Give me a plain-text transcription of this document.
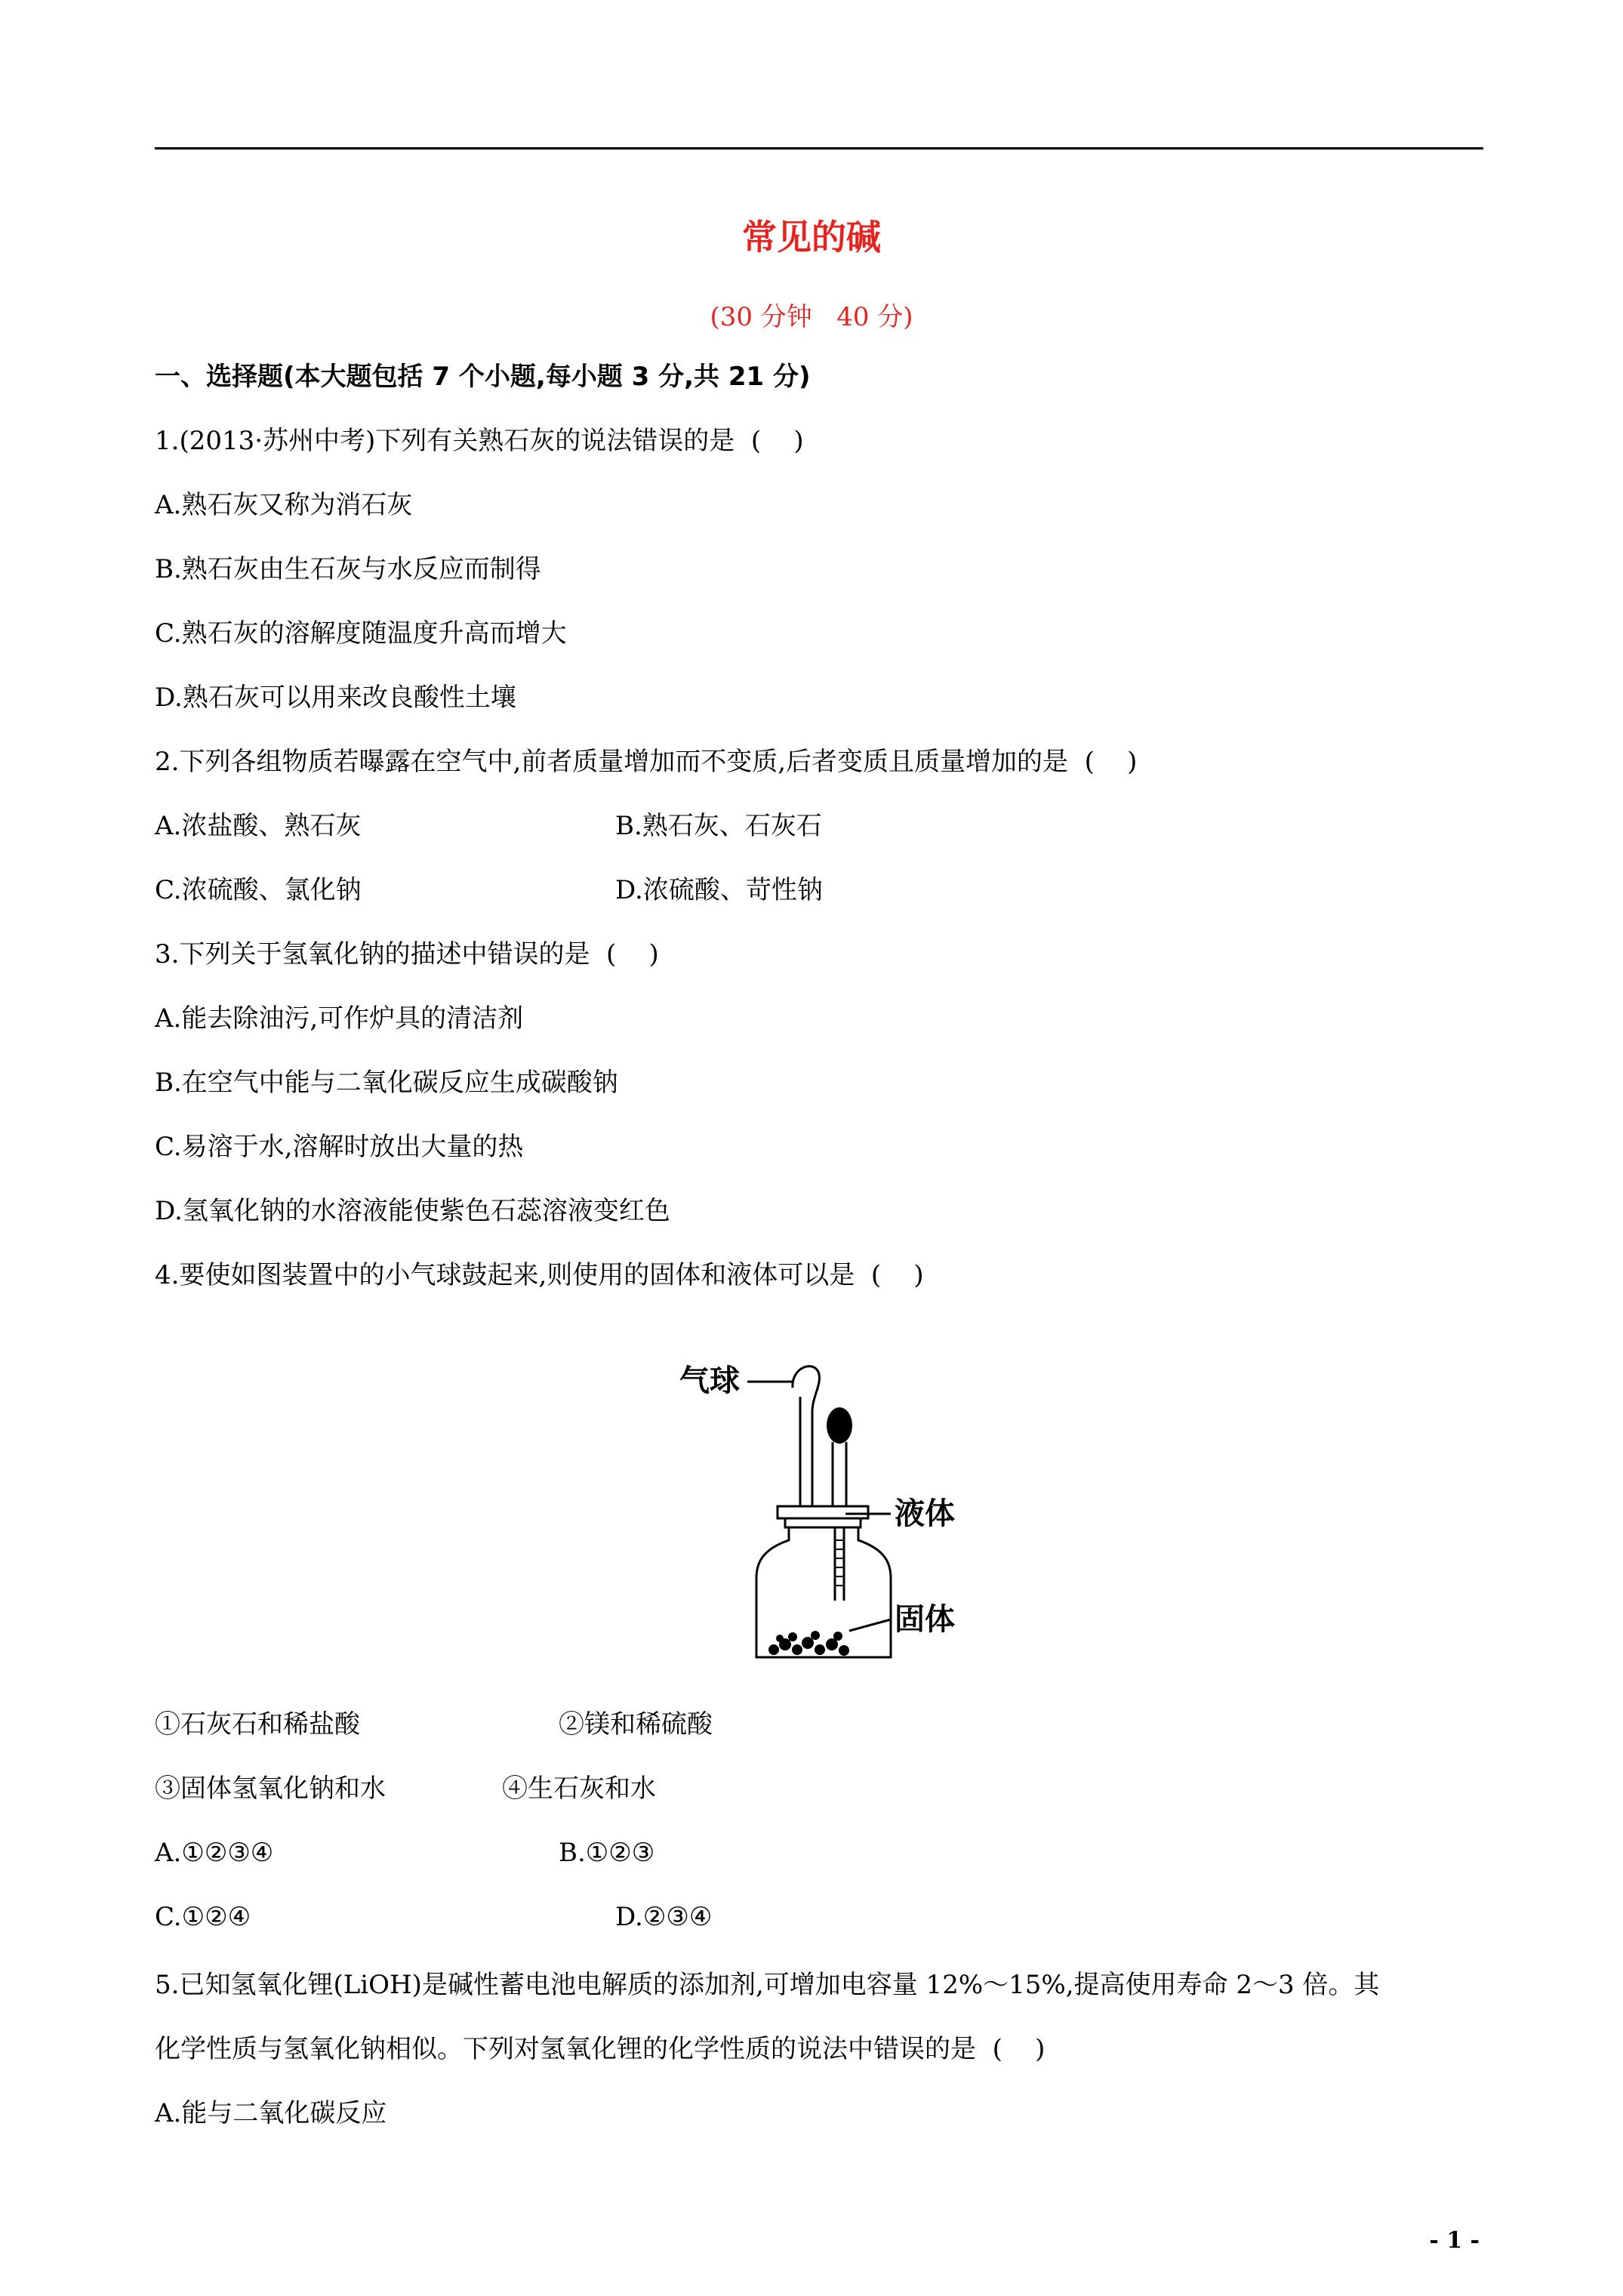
常见的碱
(30 分钟   40 分)
一、选择题(本大题包括 7 个小题,每小题 3 分,共 21 分)
1.(2013·苏州中考)下列有关熟石灰的说法错误的是  (    )
A.熟石灰又称为消石灰
B.熟石灰由生石灰与水反应而制得
C.熟石灰的溶解度随温度升高而增大
D.熟石灰可以用来改良酸性土壤
2.下列各组物质若曝露在空气中,前者质量增加而不变质,后者变质且质量增加的是  (    )
A.浓盐酸、熟石灰	B.熟石灰、石灰石
C.浓硫酸、氯化钠	D.浓硫酸、苛性钠
3.下列关于氢氧化钠的描述中错误的是  (    )
A.能去除油污,可作炉具的清洁剂
B.在空气中能与二氧化碳反应生成碳酸钠
C.易溶于水,溶解时放出大量的热
D.氢氧化钠的水溶液能使紫色石蕊溶液变红色
4.要使如图装置中的小气球鼓起来,则使用的固体和液体可以是  (    )
气球
液体
固体
①石灰石和稀盐酸	②镁和稀硫酸
③固体氢氧化钠和水	④生石灰和水
A.①②③④	B.①②③
C.①②④	D.②③④
5.已知氢氧化锂(LiOH)是碱性蓄电池电解质的添加剂,可增加电容量 12%～15%,提高使用寿命 2～3 倍。其
化学性质与氢氧化钠相似。下列对氢氧化锂的化学性质的说法中错误的是  (    )
A.能与二氧化碳反应
- 1 -
